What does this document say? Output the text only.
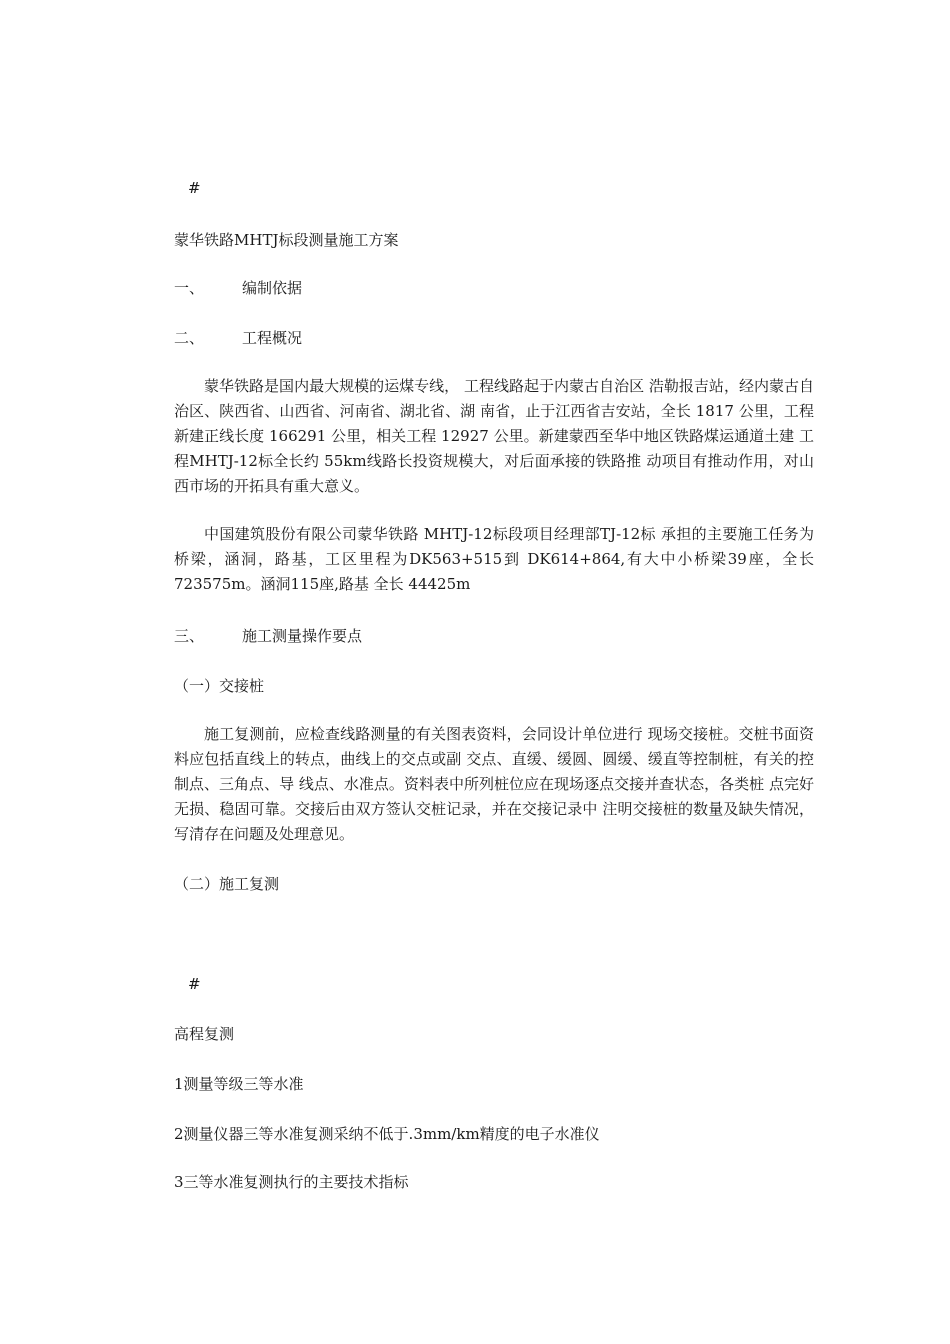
#
蒙华铁路MHTJ标段测量施工方案
一、	编制依据
二、	工程概况
蒙华铁路是国内最大规模的运煤专线， 工程线路起于内蒙古自治区 浩勒报吉站，经内蒙古自治区、陕西省、山西省、河南省、湖北省、湖 南省，止于江西省吉安站，全长 1817 公里，工程新建正线长度 166291 公里，相关工程 12927 公里。新建蒙西至华中地区铁路煤运通道土建 工程MHTJ-12标全长约 55km线路长投资规模大，对后面承接的铁路推 动项目有推动作用，对山西市场的开拓具有重大意义。
中国建筑股份有限公司蒙华铁路 MHTJ-12标段项目经理部TJ-12标 承担的主要施工任务为桥梁，涵洞，路基，工区里程为DK563+515到 DK614+864,有大中小桥梁39座，全长 723575m。涵洞115座,路基 全长 44425m
三、	施工测量操作要点
（一）交接桩
施工复测前，应检查线路测量的有关图表资料，会同设计单位进行 现场交接桩。交桩书面资料应包括直线上的转点，曲线上的交点或副 交点、直缓、缓圆、圆缓、缓直等控制桩，有关的控制点、三角点、导 线点、水准点。资料表中所列桩位应在现场逐点交接并查状态，各类桩 点完好无损、稳固可靠。交接后由双方签认交桩记录，并在交接记录中 注明交接桩的数量及缺失情况，写清存在问题及处理意见。
（二）施工复测
#
高程复测
1测量等级三等水准
2测量仪器三等水准复测采纳不低于.3mm/km精度的电子水准仪
3三等水准复测执行的主要技术指标
